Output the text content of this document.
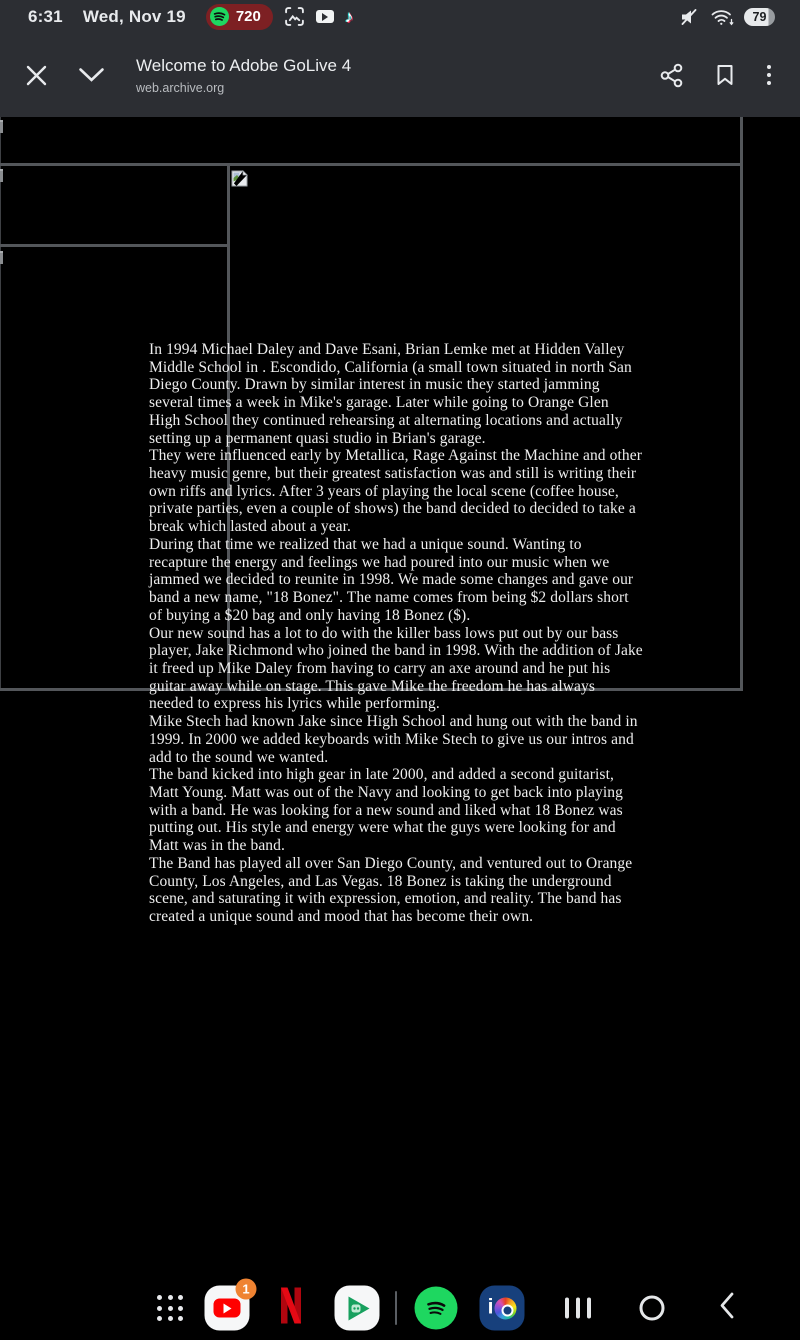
6:31 Wed, Nov 19	720	♪	79
Welcome to Adobe GoLive 4
web.archive.org

In 1994 Michael Daley and Dave Esani, Brian Lemke met at Hidden Valley Middle School in . Escondido, California (a small town situated in north San Diego County. Drawn by similar interest in music they started jamming several times a week in Mike's garage. Later while going to Orange Glen High School they continued rehearsing at alternating locations and actually setting up a permanent quasi studio in Brian's garage.

They were influenced early by Metallica, Rage Against the Machine and other heavy music genre, but their greatest satisfaction was and still is writing their own riffs and lyrics. After 3 years of playing the local scene (coffee house, private parties, even a couple of shows) the band decided to decided to take a break which lasted about a year.

During that time we realized that we had a unique sound. Wanting to recapture the energy and feelings we had poured into our music when we jammed we decided to reunite in 1998. We made some changes and gave our band a new name, "18 Bonez". The name comes from being $2 dollars short of buying a $20 bag and only having 18 Bonez ($).

Our new sound has a lot to do with the killer bass lows put out by our bass player, Jake Richmond who joined the band in 1998. With the addition of Jake it freed up Mike Daley from having to carry an axe around and he put his guitar away while on stage. This gave Mike the freedom he has always needed to express his lyrics while performing.

Mike Stech had known Jake since High School and hung out with the band in 1999. In 2000 we added keyboards with Mike Stech to give us our intros and add to the sound we wanted.

The band kicked into high gear in late 2000, and added a second guitarist, Matt Young. Matt was out of the Navy and looking to get back into playing with a band. He was looking for a new sound and liked what 18 Bonez was putting out. His style and energy were what the guys were looking for and Matt was in the band.

The Band has played all over San Diego County, and ventured out to Orange County, Los Angeles, and Las Vegas. 18 Bonez is taking the underground scene, and saturating it with expression, emotion, and reality. The band has created a unique sound and mood that has become their own.

1
i
